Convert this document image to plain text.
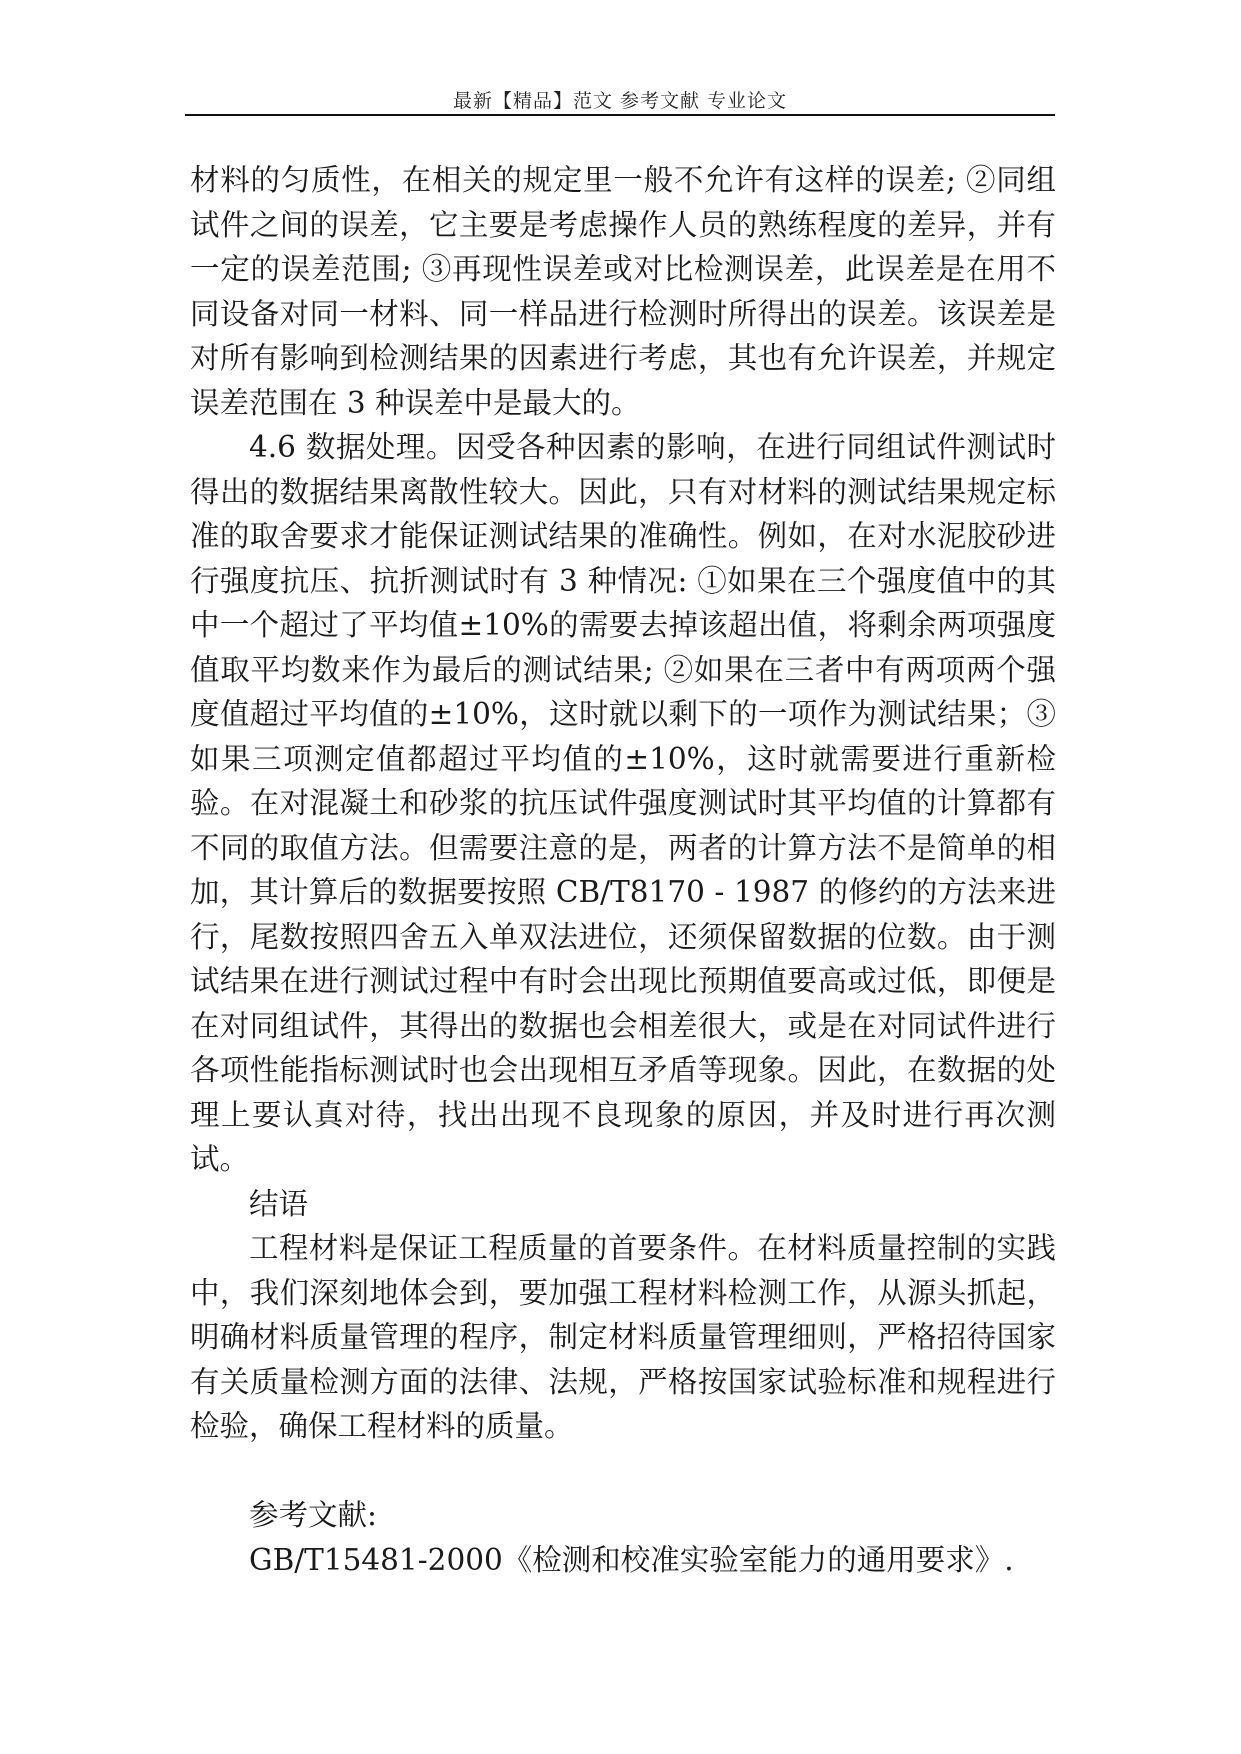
最新【精品】范文 参考文献 专业论文

材料的匀质性，在相关的规定里一般不允许有这样的误差; ②同组试件之间的误差，它主要是考虑操作人员的熟练程度的差异，并有一定的误差范围; ③再现性误差或对比检测误差，此误差是在用不同设备对同一材料、同一样品进行检测时所得出的误差。该误差是对所有影响到检测结果的因素进行考虑，其也有允许误差，并规定误差范围在 3 种误差中是最大的。

4.6 数据处理。因受各种因素的影响，在进行同组试件测试时得出的数据结果离散性较大。因此，只有对材料的测试结果规定标准的取舍要求才能保证测试结果的准确性。例如，在对水泥胶砂进行强度抗压、抗折测试时有 3 种情况: ①如果在三个强度值中的其中一个超过了平均值±10%的需要去掉该超出值，将剩余两项强度值取平均数来作为最后的测试结果; ②如果在三者中有两项两个强度值超过平均值的±10%，这时就以剩下的一项作为测试结果；③如果三项测定值都超过平均值的±10%，这时就需要进行重新检验。在对混凝土和砂浆的抗压试件强度测试时其平均值的计算都有不同的取值方法。但需要注意的是，两者的计算方法不是简单的相加，其计算后的数据要按照 CB/T8170 - 1987 的修约的方法来进行，尾数按照四舍五入单双法进位，还须保留数据的位数。由于测试结果在进行测试过程中有时会出现比预期值要高或过低，即便是在对同组试件，其得出的数据也会相差很大，或是在对同试件进行各项性能指标测试时也会出现相互矛盾等现象。因此，在数据的处理上要认真对待，找出出现不良现象的原因，并及时进行再次测试。

结语

工程材料是保证工程质量的首要条件。在材料质量控制的实践中，我们深刻地体会到，要加强工程材料检测工作，从源头抓起，明确材料质量管理的程序，制定材料质量管理细则，严格招待国家有关质量检测方面的法律、法规，严格按国家试验标准和规程进行检验，确保工程材料的质量。

参考文献:

GB/T15481-2000《检测和校准实验室能力的通用要求》.
